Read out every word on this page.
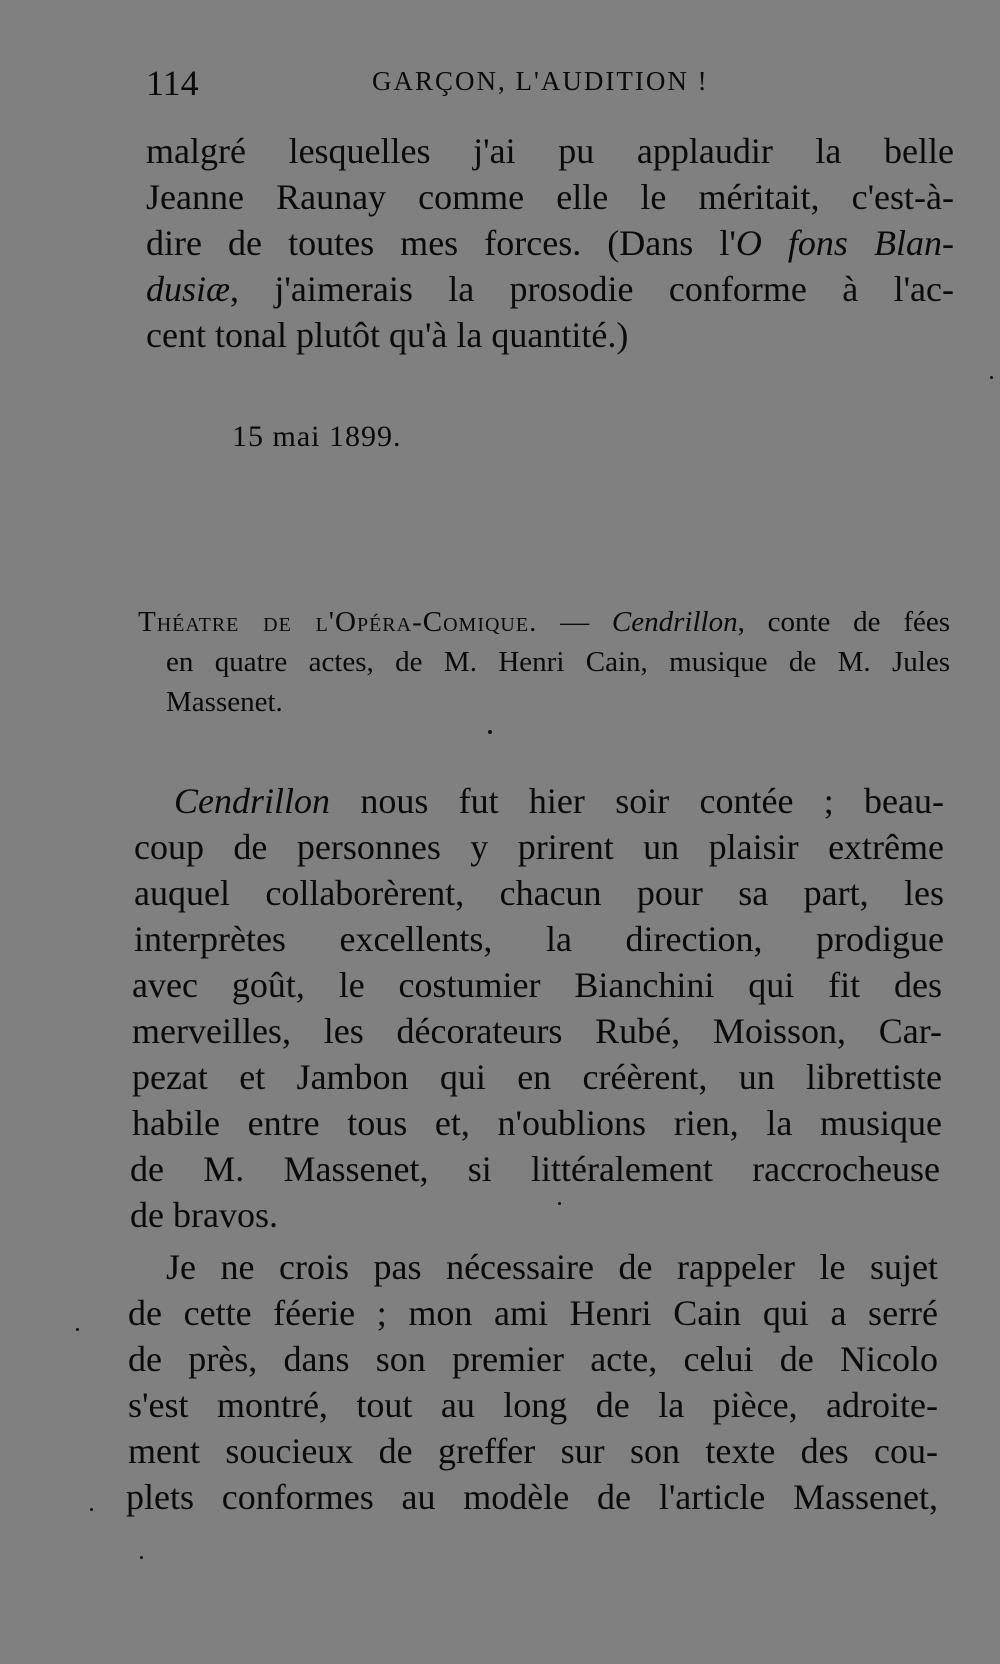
114	GARÇON, L'AUDITION !
malgré lesquelles j'ai pu applaudir la belle
Jeanne Raunay comme elle le méritait, c'est-à-
dire de toutes mes forces. (Dans l'O fons Blan-
dusiæ, j'aimerais la prosodie conforme à l'ac-
cent tonal plutôt qu'à la quantité.)
15 mai 1899.
Théatre de l'Opéra-Comique. — Cendrillon, conte de fées
en quatre actes, de M. Henri Cain, musique de M. Jules
Massenet.
Cendrillon nous fut hier soir contée ; beau-
coup de personnes y prirent un plaisir extrême
auquel collaborèrent, chacun pour sa part, les
interprètes excellents, la direction, prodigue
avec goût, le costumier Bianchini qui fit des
merveilles, les décorateurs Rubé, Moisson, Car-
pezat et Jambon qui en créèrent, un librettiste
habile entre tous et, n'oublions rien, la musique
de M. Massenet, si littéralement raccrocheuse
de bravos.
Je ne crois pas nécessaire de rappeler le sujet
de cette féerie ; mon ami Henri Cain qui a serré
de près, dans son premier acte, celui de Nicolo
s'est montré, tout au long de la pièce, adroite-
ment soucieux de greffer sur son texte des cou-
plets conformes au modèle de l'article Massenet,
